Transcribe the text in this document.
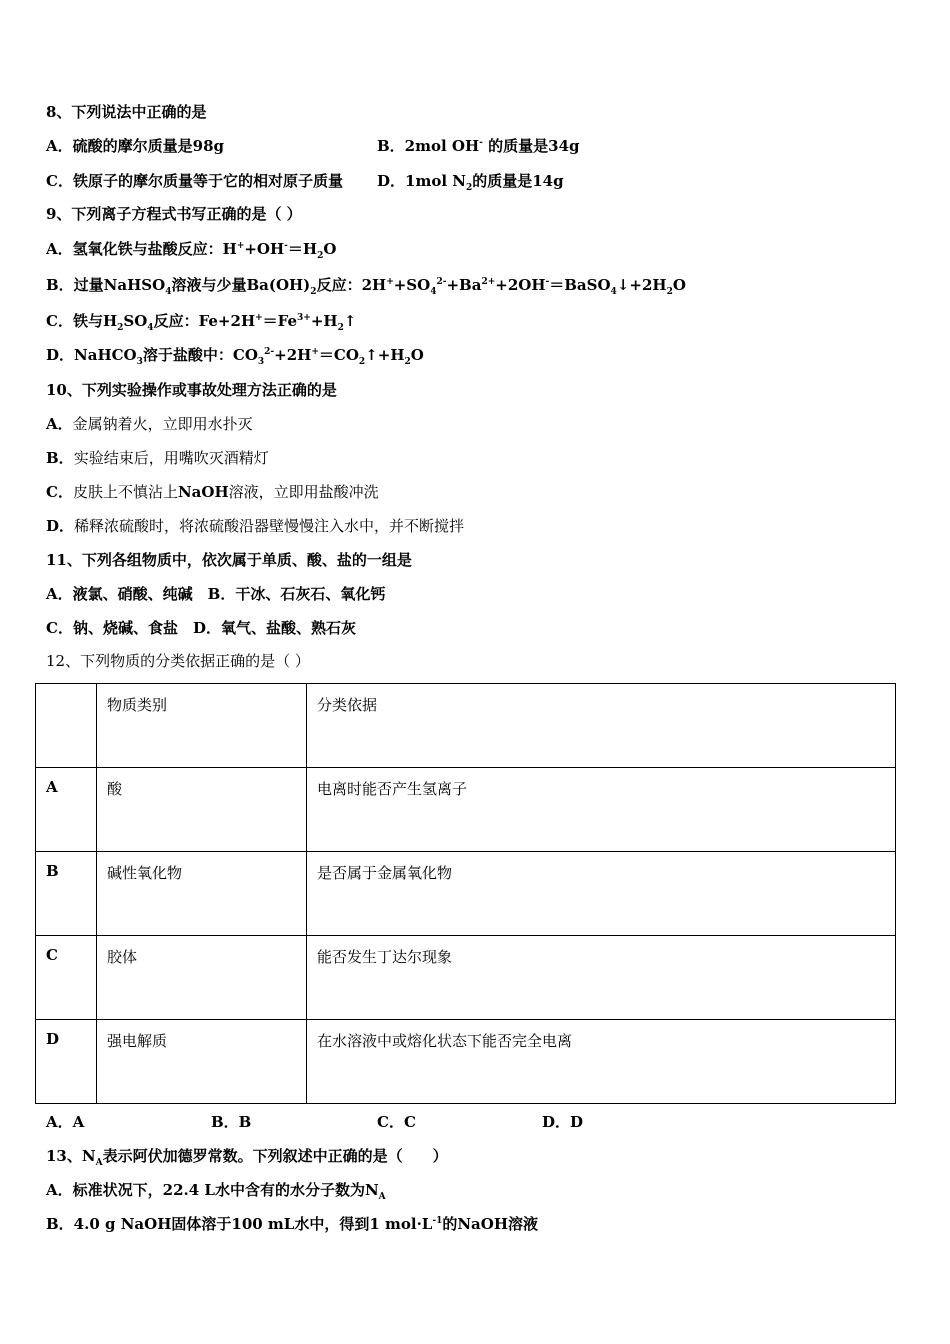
8、下列说法中正确的是
A．硫酸的摩尔质量是98g	B．2mol OH- 的质量是34g
C．铁原子的摩尔质量等于它的相对原子质量 D．1mol $N_2$的质量是14g
9、下列离子方程式书写正确的是（ ）
A．氢氧化铁与盐酸反应：$H^++OH^-=H_2O$
B．过量NaHSO$_4$溶液与少量$Ba(OH)_2$反应：$2H^++SO_4^{2-}+Ba^{2+}+2OH^-=BaSO_4↓+2H_2O$
C．铁与$H_2SO_4$反应：$Fe+2H^+=Fe^{3+}+H_2↑$
D．NaHCO$_3$溶于盐酸中：$CO_3^{2-}+2H^+=CO_2↑+H_2O$
10、下列实验操作或事故处理方法正确的是
A．金属钠着火，立即用水扑灭
B．实验结束后，用嘴吹灭酒精灯
C．皮肤上不慎沾上NaOH溶液，立即用盐酸冲洗
D．稀释浓硫酸时，将浓硫酸沿器壁慢慢注入水中，并不断搅拌
11、下列各组物质中，依次属于单质、酸、盐的一组是
A．液氯、硝酸、纯碱　B．干冰、石灰石、氧化钙
C．钠、烧碱、食盐　D．氧气、盐酸、熟石灰
12、下列物质的分类依据正确的是（ ）
	物质类别	分类依据
A	酸	电离时能否产生氢离子
B	碱性氧化物	是否属于金属氧化物
C	胶体	能否发生丁达尔现象
D	强电解质	在水溶液中或熔化状态下能否完全电离
A．A	B．B	C．C	D．D
13、$N_A$表示阿伏加德罗常数。下列叙述中正确的是（　　）
A．标准状况下，22.4 L水中含有的水分子数为$N_A$
B．4.0 g NaOH固体溶于100 mL水中，得到1 $mol\cdot L^{-1}$的NaOH溶液
